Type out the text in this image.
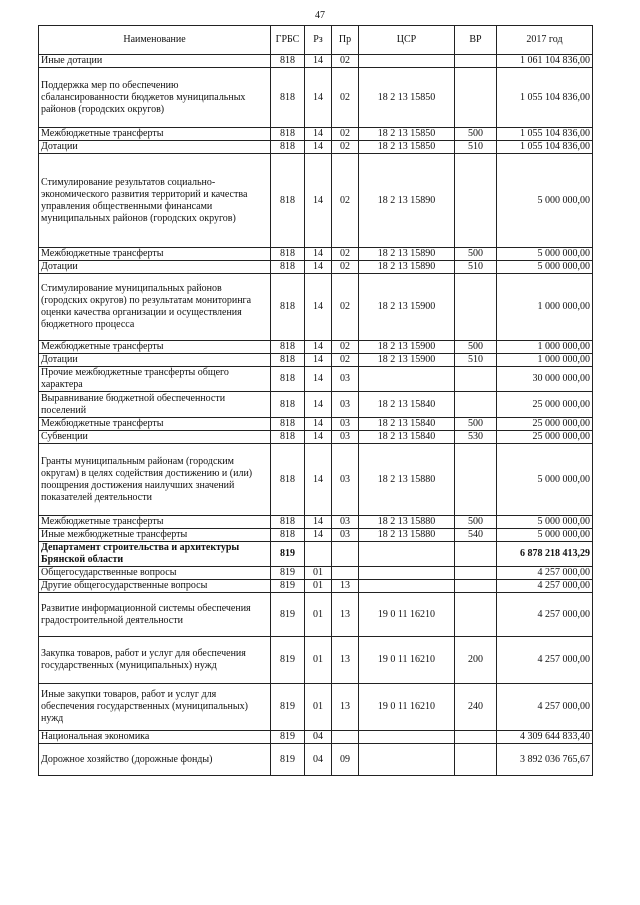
47
Наименование	ГРБС	Рз	Пр	ЦСР	ВР	2017 год
Иные дотации	818	14	02			1 061 104 836,00
Поддержка мер по обеспечению сбалансированности бюджетов муниципальных районов (городских округов)	818	14	02	18 2 13 15850		1 055 104 836,00
Межбюджетные трансферты	818	14	02	18 2 13 15850	500	1 055 104 836,00
Дотации	818	14	02	18 2 13 15850	510	1 055 104 836,00
Стимулирование результатов социально-экономического развития территорий и качества управления общественными финансами муниципальных районов (городских округов)	818	14	02	18 2 13 15890		5 000 000,00
Межбюджетные трансферты	818	14	02	18 2 13 15890	500	5 000 000,00
Дотации	818	14	02	18 2 13 15890	510	5 000 000,00
Стимулирование муниципальных районов (городских округов) по результатам мониторинга оценки качества организации и осуществления бюджетного процесса	818	14	02	18 2 13 15900		1 000 000,00
Межбюджетные трансферты	818	14	02	18 2 13 15900	500	1 000 000,00
Дотации	818	14	02	18 2 13 15900	510	1 000 000,00
Прочие межбюджетные трансферты общего характера	818	14	03			30 000 000,00
Выравнивание бюджетной обеспеченности поселений	818	14	03	18 2 13 15840		25 000 000,00
Межбюджетные трансферты	818	14	03	18 2 13 15840	500	25 000 000,00
Субвенции	818	14	03	18 2 13 15840	530	25 000 000,00
Гранты муниципальным районам (городским округам) в целях содействия достижению и (или) поощрения достижения наилучших значений показателей деятельности	818	14	03	18 2 13 15880		5 000 000,00
Межбюджетные трансферты	818	14	03	18 2 13 15880	500	5 000 000,00
Иные межбюджетные трансферты	818	14	03	18 2 13 15880	540	5 000 000,00
Департамент строительства и архитектуры Брянской области	819					6 878 218 413,29
Общегосударственные вопросы	819	01				4 257 000,00
Другие общегосударственные вопросы	819	01	13			4 257 000,00
Развитие информационной системы обеспечения градостроительной деятельности	819	01	13	19 0 11 16210		4 257 000,00
Закупка товаров, работ и услуг для обеспечения государственных (муниципальных) нужд	819	01	13	19 0 11 16210	200	4 257 000,00
Иные закупки товаров, работ и услуг для обеспечения государственных (муниципальных) нужд	819	01	13	19 0 11 16210	240	4 257 000,00
Национальная экономика	819	04				4 309 644 833,40
Дорожное хозяйство (дорожные фонды)	819	04	09			3 892 036 765,67
